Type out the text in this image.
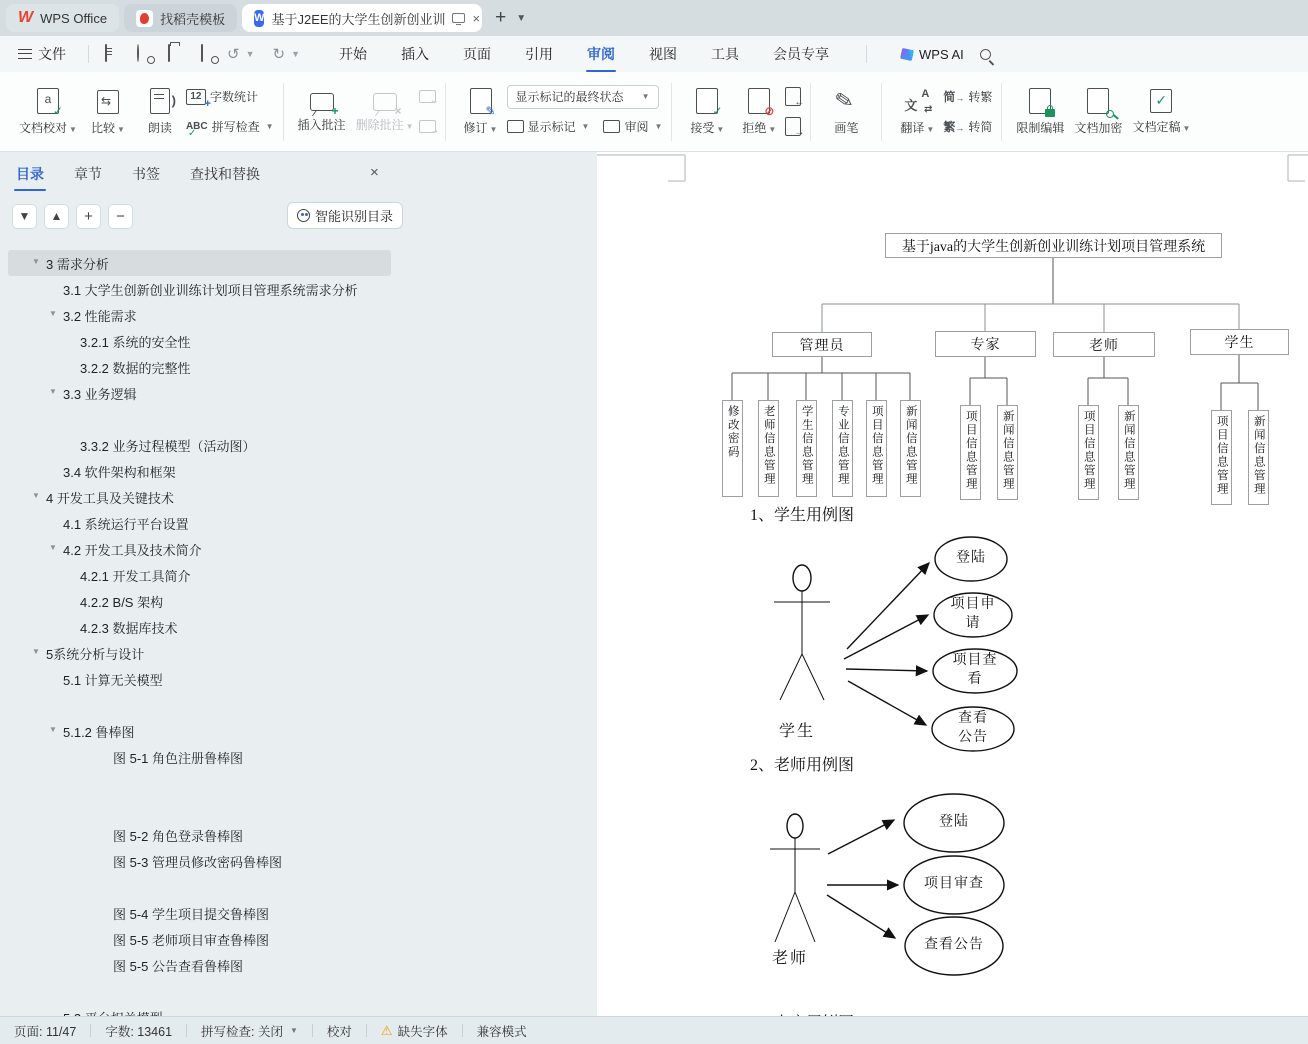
W WPS Office	找稻壳模板	W 基于J2EE的大学生创新创业训 × + ▼
文件	↺ ▼ ↻ ▼	开始	插入	页面	引用	审阅	视图	工具	会员专享	WPS AI
a
✓
文档校对 ▼
⇆ 比较 ▼
) 朗读
12 + 字数统计
ABC ✓ 拼写检查 ▼
+
插入批注
×
删除批注 ▼
←
→
✎
修订 ▼
显示标记的最终状态 ▼
显示标记 ▼	审阅 ▼
✓
接受 ▼
⊘
拒绝 ▼
←
→
✎ 画笔
文 ⇄
A
翻译 ▼
简→ 转繁
繁→ 转简 限制编辑 文档加密
✓ 文档定稿 ▼
目录 章节 书签 查找和替换	×
▼	▲	+	−	智能识别目录
▼ 3 需求分析
3.1 大学生创新创业训练计划项目管理系统需求分析
▼ 3.2 性能需求
3.2.1 系统的安全性
3.2.2 数据的完整性
▼ 3.3 业务逻辑
3.3.2 业务过程模型（活动图）
3.4 软件架构和框架
▼ 4 开发工具及关键技术
4.1 系统运行平台设置
▼ 4.2 开发工具及技术简介
4.2.1 开发工具简介
4.2.2 B/S 架构
4.2.3 数据库技术
▼ 5系统分析与设计
5.1 计算无关模型
▼ 5.1.2 鲁棒图
图 5-1 角色注册鲁棒图
图 5-2 角色登录鲁棒图
图 5-3 管理员修改密码鲁棒图
图 5-4 学生项目提交鲁棒图
图 5-5 老师项目审查鲁棒图
图 5-5 公告查看鲁棒图
基于java的大学生创新创业训练计划项目管理系统
管理员
修改密码	老师信息管理	学生信息管理	专业信息管理	项目信息管理	新闻信息管理
专家
项目信息管理	新闻信息管理
老师
项目信息管理	新闻信息管理
学生
项目信息管理	新闻信息管理
1、学生用例图
学生
登陆
项目申请
项目查看
查看公告
2、老师用例图
老师
登陆
项目审查
查看公告
页面: 11/47	字数: 13461	拼写检查: 关闭 ▼	校对	⚠ 缺失字体	兼容模式
